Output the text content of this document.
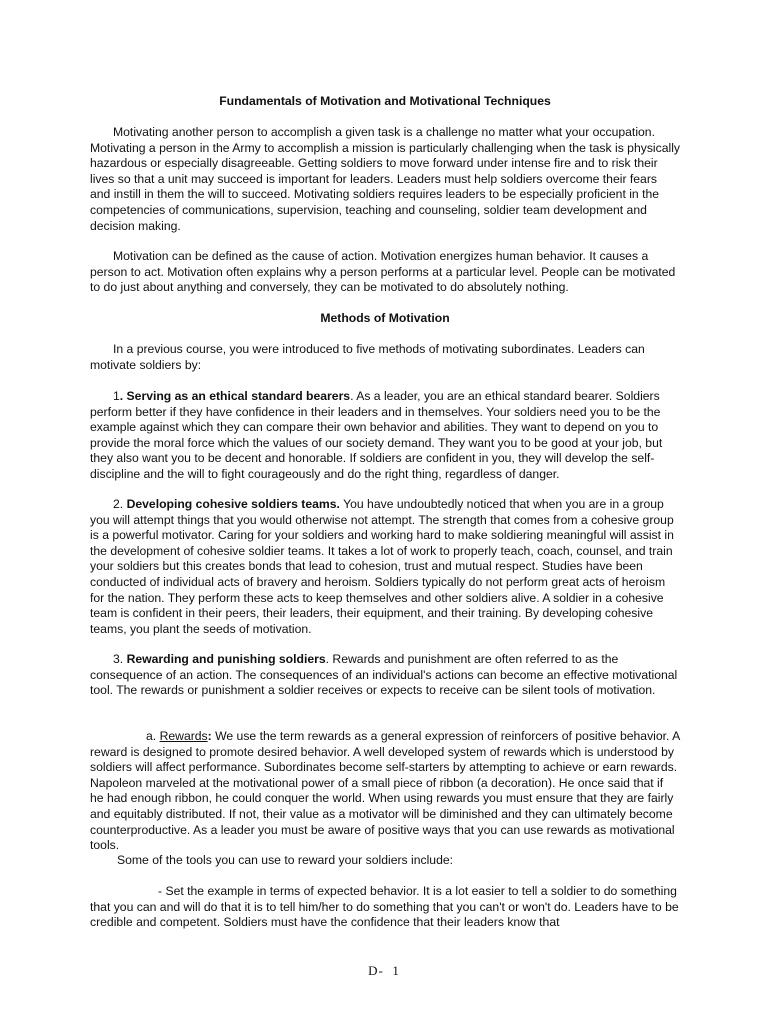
Fundamentals of Motivation and Motivational Techniques

Motivating another person to accomplish a given task is a challenge no matter what your occupation. Motivating a person in the Army to accomplish a mission is particularly challenging when the task is physically hazardous or especially disagreeable. Getting soldiers to move forward under intense fire and to risk their lives so that a unit may succeed is important for leaders. Leaders must help soldiers overcome their fears and instill in them the will to succeed. Motivating soldiers requires leaders to be especially proficient in the competencies of communications, supervision, teaching and counseling, soldier team development and decision making.

Motivation can be defined as the cause of action. Motivation energizes human behavior. It causes a person to act. Motivation often explains why a person performs at a particular level. People can be motivated to do just about anything and conversely, they can be motivated to do absolutely nothing.

Methods of Motivation

In a previous course, you were introduced to five methods of motivating subordinates. Leaders can motivate soldiers by:

1. Serving as an ethical standard bearers. As a leader, you are an ethical standard bearer. Soldiers perform better if they have confidence in their leaders and in themselves. Your soldiers need you to be the example against which they can compare their own behavior and abilities. They want to depend on you to provide the moral force which the values of our society demand. They want you to be good at your job, but they also want you to be decent and honorable. If soldiers are confident in you, they will develop the self-discipline and the will to fight courageously and do the right thing, regardless of danger.

2. Developing cohesive soldiers teams. You have undoubtedly noticed that when you are in a group you will attempt things that you would otherwise not attempt. The strength that comes from a cohesive group is a powerful motivator. Caring for your soldiers and working hard to make soldiering meaningful will assist in the development of cohesive soldier teams. It takes a lot of work to properly teach, coach, counsel, and train your soldiers but this creates bonds that lead to cohesion, trust and mutual respect. Studies have been conducted of individual acts of bravery and heroism. Soldiers typically do not perform great acts of heroism for the nation. They perform these acts to keep themselves and other soldiers alive. A soldier in a cohesive team is confident in their peers, their leaders, their equipment, and their training. By developing cohesive teams, you plant the seeds of motivation.

3. Rewarding and punishing soldiers. Rewards and punishment are often referred to as the consequence of an action. The consequences of an individual's actions can become an effective motivational tool. The rewards or punishment a soldier receives or expects to receive can be silent tools of motivation.

a. Rewards: We use the term rewards as a general expression of reinforcers of positive behavior. A reward is designed to promote desired behavior. A well developed system of rewards which is understood by soldiers will affect performance. Subordinates become self-starters by attempting to achieve or earn rewards. Napoleon marveled at the motivational power of a small piece of ribbon (a decoration). He once said that if he had enough ribbon, he could conquer the world. When using rewards you must ensure that they are fairly and equitably distributed. If not, their value as a motivator will be diminished and they can ultimately become counterproductive. As a leader you must be aware of positive ways that you can use rewards as motivational tools.

Some of the tools you can use to reward your soldiers include:

- Set the example in terms of expected behavior. It is a lot easier to tell a soldier to do something that you can and will do that it is to tell him/her to do something that you can't or won't do. Leaders have to be credible and competent. Soldiers must have the confidence that their leaders know that

D-  1
